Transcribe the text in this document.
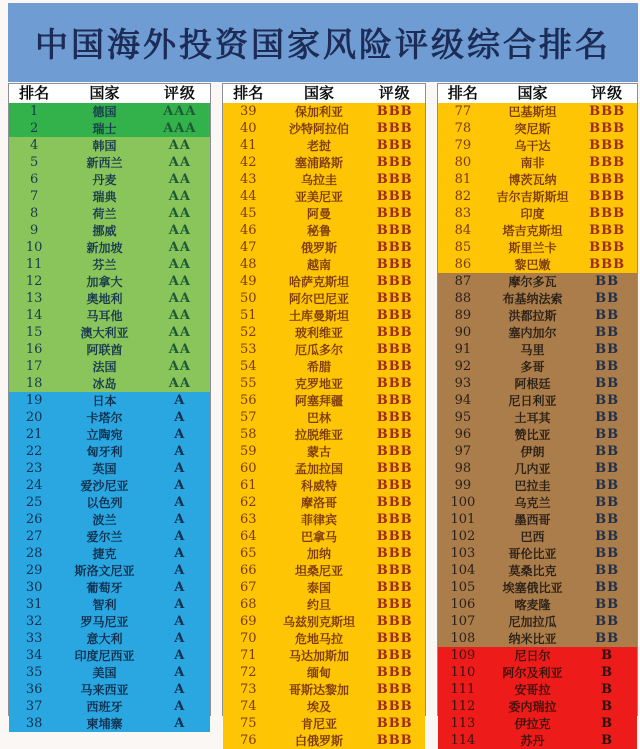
中国海外投资国家风险评级综合排名
排名	国家	评级
1	德国	AAA
2	瑞士	AAA
4	韩国	AA
5	新西兰	AA
6	丹麦	AA
7	瑞典	AA
8	荷兰	AA
9	挪威	AA
10	新加坡	AA
11	芬兰	AA
12	加拿大	AA
13	奥地利	AA
14	马耳他	AA
15	澳大利亚	AA
16	阿联酋	AA
17	法国	AA
18	冰岛	AA
19	日本	A
20	卡塔尔	A
21	立陶宛	A
22	匈牙利	A
23	英国	A
24	爱沙尼亚	A
25	以色列	A
26	波兰	A
27	爱尔兰	A
28	捷克	A
29	斯洛文尼亚	A
30	葡萄牙	A
31	智利	A
32	罗马尼亚	A
33	意大利	A
34	印度尼西亚	A
35	美国	A
36	马来西亚	A
37	西班牙	A
38	柬埔寨	A
排名	国家	评级
39	保加利亚	BBB
40	沙特阿拉伯	BBB
41	老挝	BBB
42	塞浦路斯	BBB
43	乌拉圭	BBB
44	亚美尼亚	BBB
45	阿曼	BBB
46	秘鲁	BBB
47	俄罗斯	BBB
48	越南	BBB
49	哈萨克斯坦	BBB
50	阿尔巴尼亚	BBB
51	土库曼斯坦	BBB
52	玻利维亚	BBB
53	厄瓜多尔	BBB
54	希腊	BBB
55	克罗地亚	BBB
56	阿塞拜疆	BBB
57	巴林	BBB
58	拉脱维亚	BBB
59	蒙古	BBB
60	孟加拉国	BBB
61	科威特	BBB
62	摩洛哥	BBB
63	菲律宾	BBB
64	巴拿马	BBB
65	加纳	BBB
66	坦桑尼亚	BBB
67	泰国	BBB
68	约旦	BBB
69	乌兹别克斯坦	BBB
70	危地马拉	BBB
71	马达加斯加	BBB
72	缅甸	BBB
73	哥斯达黎加	BBB
74	埃及	BBB
75	肯尼亚	BBB
76	白俄罗斯	BBB
排名	国家	评级
77	巴基斯坦	BBB
78	突尼斯	BBB
79	乌干达	BBB
80	南非	BBB
81	博茨瓦纳	BBB
82	吉尔吉斯斯坦	BBB
83	印度	BBB
84	塔吉克斯坦	BBB
85	斯里兰卡	BBB
86	黎巴嫩	BBB
87	摩尔多瓦	BB
88	布基纳法索	BB
89	洪都拉斯	BB
90	塞内加尔	BB
91	马里	BB
92	多哥	BB
93	阿根廷	BB
94	尼日利亚	BB
95	土耳其	BB
96	赞比亚	BB
97	伊朗	BB
98	几内亚	BB
99	巴拉圭	BB
100	乌克兰	BB
101	墨西哥	BB
102	巴西	BB
103	哥伦比亚	BB
104	莫桑比克	BB
105	埃塞俄比亚	BB
106	喀麦隆	BB
107	尼加拉瓜	BB
108	纳米比亚	BB
109	尼日尔	B
110	阿尔及利亚	B
111	安哥拉	B
112	委内瑞拉	B
113	伊拉克	B
114	苏丹	B
